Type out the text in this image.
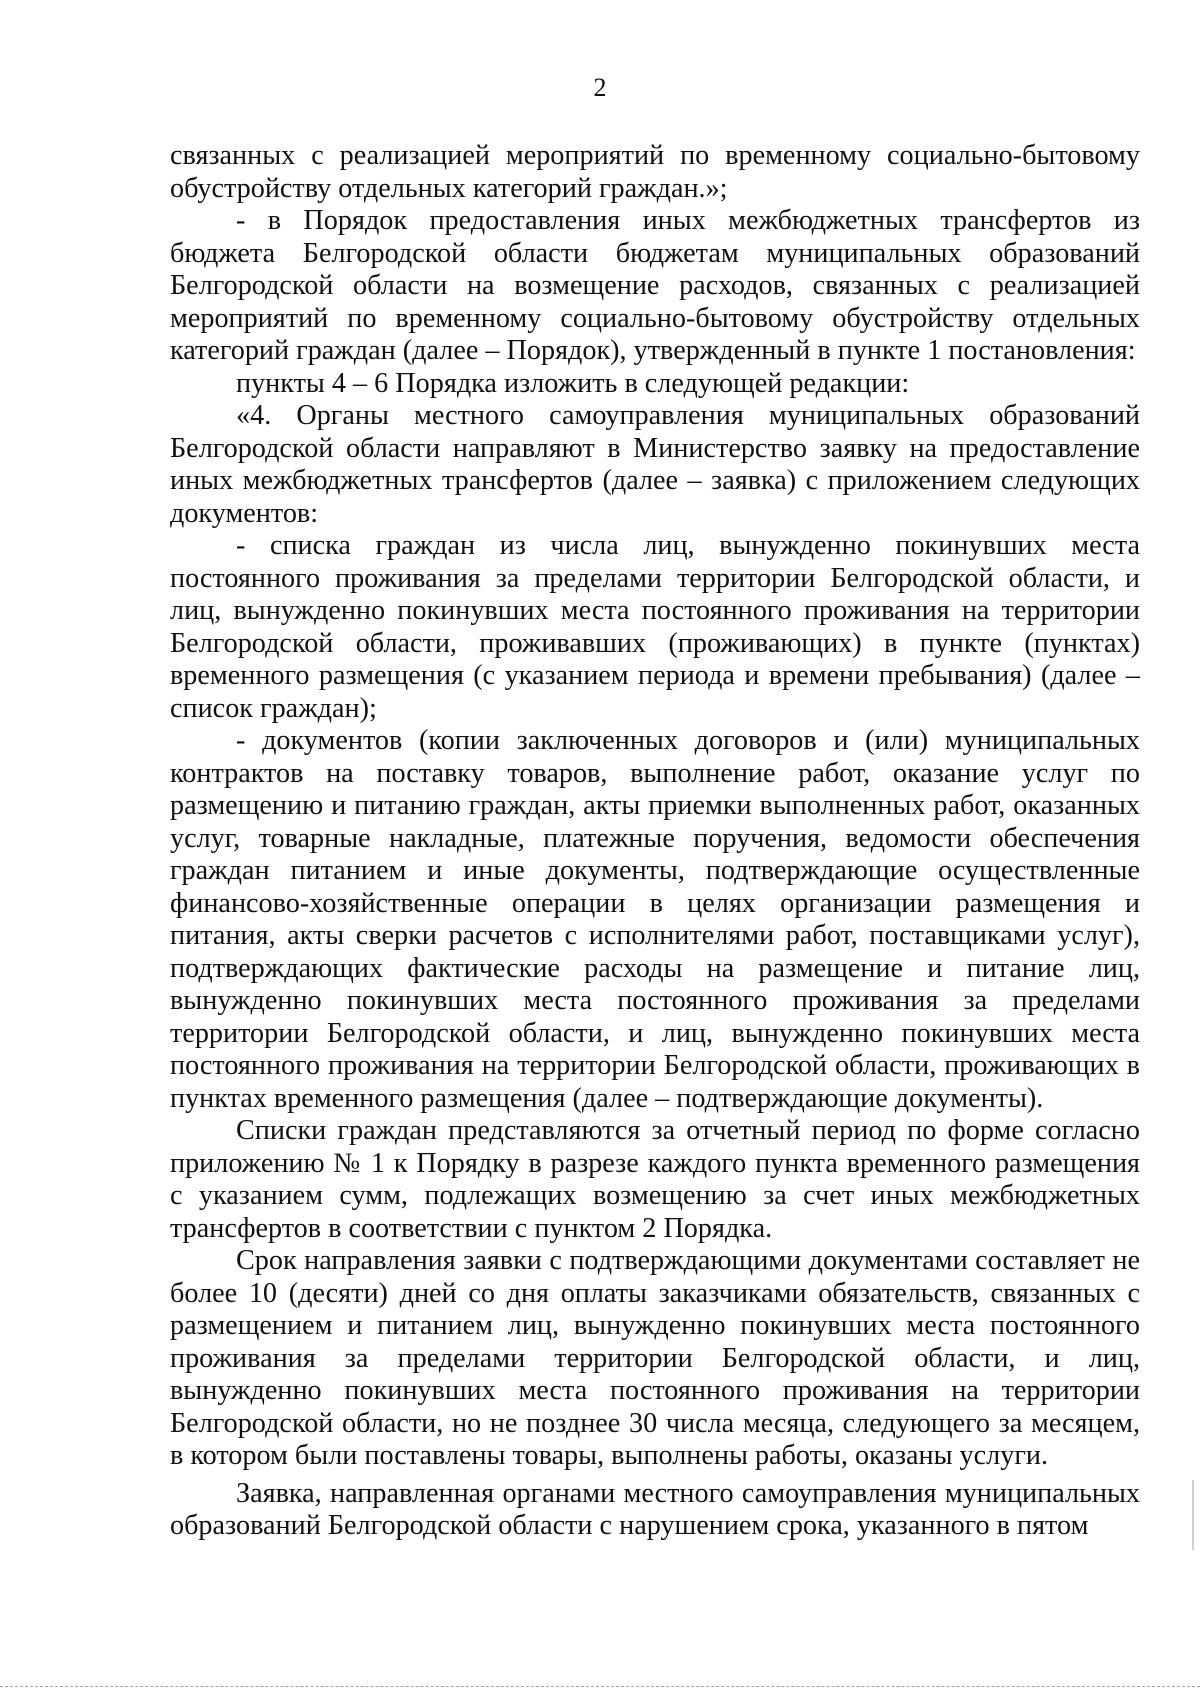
2

связанных с реализацией мероприятий по временному социально-бытовому обустройству отдельных категорий граждан.»;

- в Порядок предоставления иных межбюджетных трансфертов из бюджета Белгородской области бюджетам муниципальных образований Белгородской области на возмещение расходов, связанных с реализацией мероприятий по временному социально-бытовому обустройству отдельных категорий граждан (далее – Порядок), утвержденный в пункте 1 постановления:

пункты 4 – 6 Порядка изложить в следующей редакции:

«4. Органы местного самоуправления муниципальных образований Белгородской области направляют в Министерство заявку на предоставление иных межбюджетных трансфертов (далее – заявка) с приложением следующих документов:

- списка граждан из числа лиц, вынужденно покинувших места постоянного проживания за пределами территории Белгородской области, и лиц, вынужденно покинувших места постоянного проживания на территории Белгородской области, проживавших (проживающих) в пункте (пунктах) временного размещения (с указанием периода и времени пребывания) (далее – список граждан);

- документов (копии заключенных договоров и (или) муниципальных контрактов на поставку товаров, выполнение работ, оказание услуг по размещению и питанию граждан, акты приемки выполненных работ, оказанных услуг, товарные накладные, платежные поручения, ведомости обеспечения граждан питанием и иные документы, подтверждающие осуществленные финансово-хозяйственные операции в целях организации размещения и питания, акты сверки расчетов с исполнителями работ, поставщиками услуг), подтверждающих фактические расходы на размещение и питание лиц, вынужденно покинувших места постоянного проживания за пределами территории Белгородской области, и лиц, вынужденно покинувших места постоянного проживания на территории Белгородской области, проживающих в пунктах временного размещения (далее – подтверждающие документы).

Списки граждан представляются за отчетный период по форме согласно приложению № 1 к Порядку в разрезе каждого пункта временного размещения с указанием сумм, подлежащих возмещению за счет иных межбюджетных трансфертов в соответствии с пунктом 2 Порядка.

Срок направления заявки с подтверждающими документами составляет не более 10 (десяти) дней со дня оплаты заказчиками обязательств, связанных с размещением и питанием лиц, вынужденно покинувших места постоянного проживания за пределами территории Белгородской области, и лиц, вынужденно покинувших места постоянного проживания на территории Белгородской области, но не позднее 30 числа месяца, следующего за месяцем, в котором были поставлены товары, выполнены работы, оказаны услуги.

Заявка, направленная органами местного самоуправления муниципальных образований Белгородской области с нарушением срока, указанного в пятом
